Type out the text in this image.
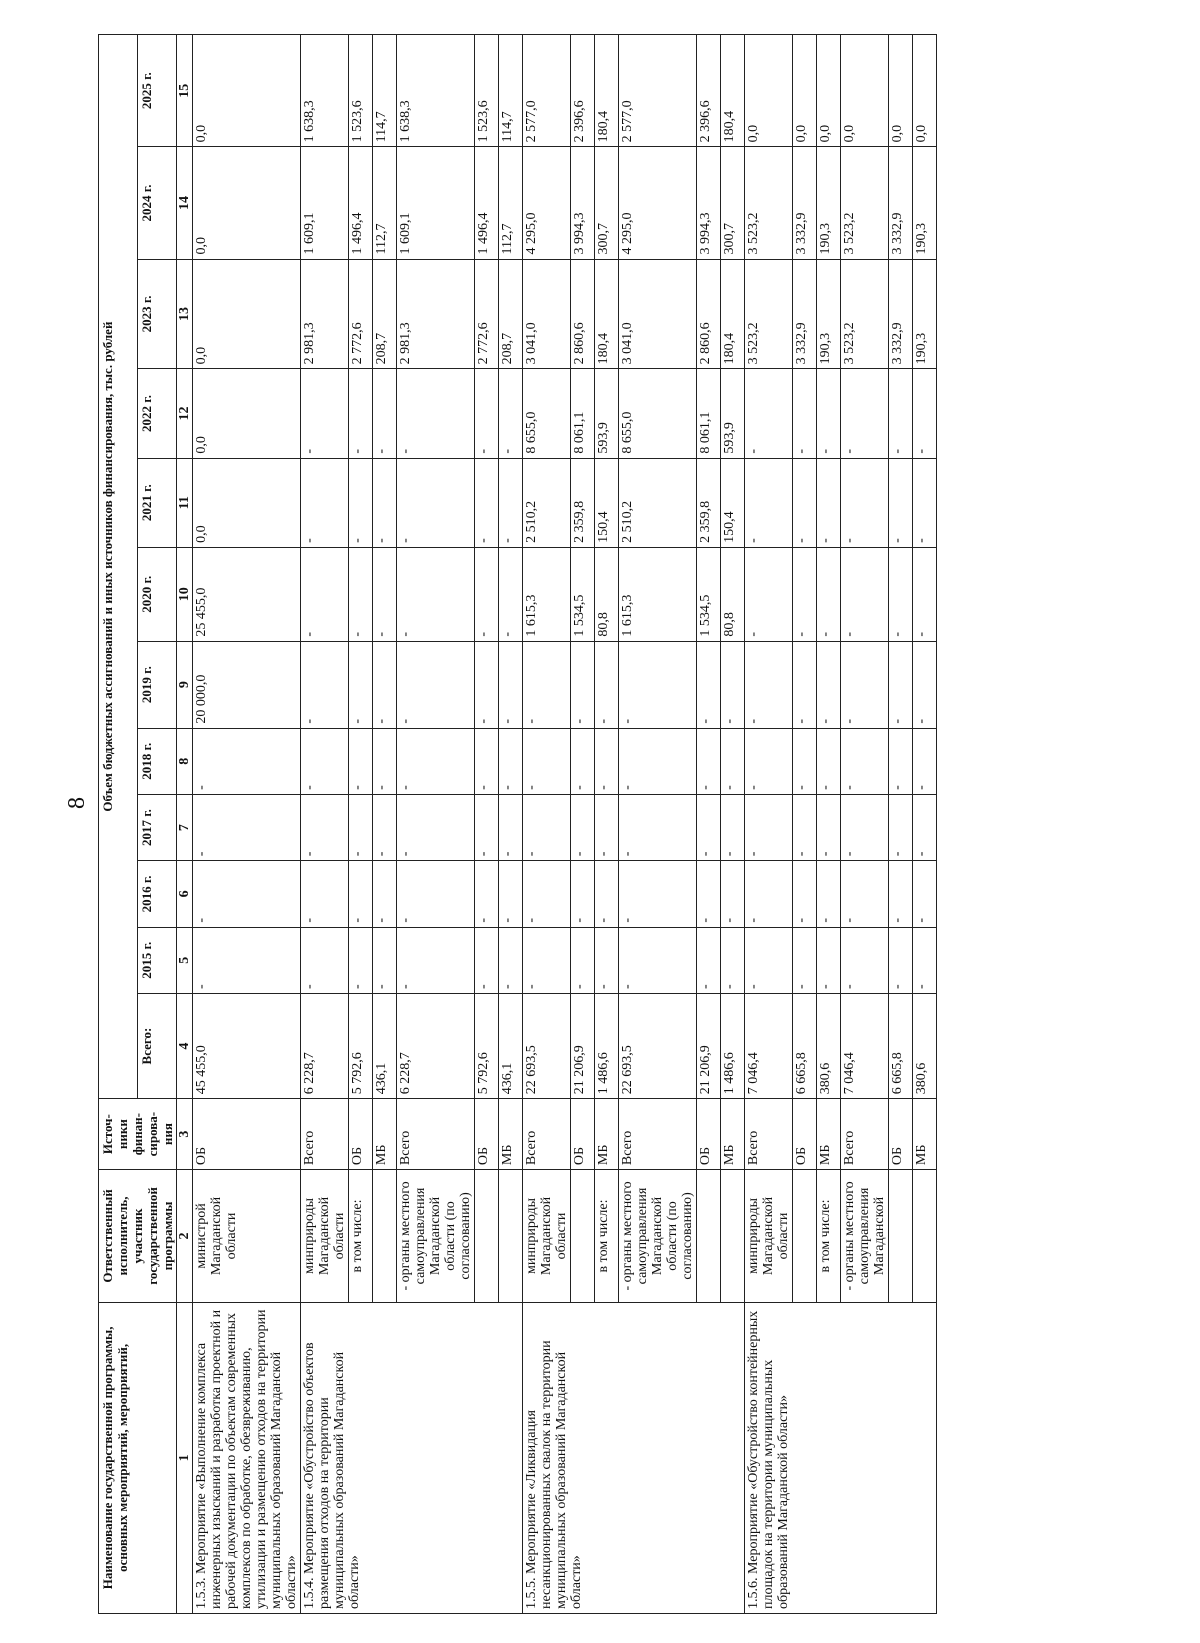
8
Наименование государственной программы, основных мероприятий, мероприятий,	Ответственный исполнитель, участник государственной программы	Источ-ники финан-сирова-ния	Объем бюджетных ассигнований и иных источников финансирования, тыс. рублей											
			Всего:	2015 г.	2016 г.	2017 г.	2018 г.	2019 г.	2020 г.	2021 г.	2022 г.	2023 г.	2024 г.	2025 г.
1	2	3	4	5	6	7	8	9	10	11	12	13	14	15
1.5.3. Мероприятие «Выполнение комплекса инженерных изысканий и разработка проектной и рабочей документации по объектам современных комплексов по обработке, обезвреживанию, утилизации и размещению отходов на территории муниципальных образований Магаданской области»	министрой Магаданской области	ОБ	45 455,0	-	-	-	-	20 000,0	25 455,0	0,0	0,0	0,0	0,0	0,0
1.5.4. Мероприятие «Обустройство объектов размещения отходов на территории муниципальных образований Магаданской области»	минприроды Магаданской области	Всего	6 228,7	-	-	-	-	-	-	-	-	2 981,3	1 609,1	1 638,3
	в том числе:	ОБ	5 792,6	-	-	-	-	-	-	-	-	2 772,6	1 496,4	1 523,6
		МБ	436,1	-	-	-	-	-	-	-	-	208,7	112,7	114,7
	- органы местного самоуправления Магаданской области (по согласованию)	Всего	6 228,7	-	-	-	-	-	-	-	-	2 981,3	1 609,1	1 638,3
		ОБ	5 792,6	-	-	-	-	-	-	-	-	2 772,6	1 496,4	1 523,6
		МБ	436,1	-	-	-	-	-	-	-	-	208,7	112,7	114,7
1.5.5. Мероприятие «Ликвидация несанкционированных свалок на территории муниципальных образований Магаданской области»	минприроды Магаданской области	Всего	22 693,5	-	-	-	-	-	1 615,3	2 510,2	8 655,0	3 041,0	4 295,0	2 577,0
		ОБ	21 206,9	-	-	-	-	-	1 534,5	2 359,8	8 061,1	2 860,6	3 994,3	2 396,6
	в том числе:	МБ	1 486,6	-	-	-	-	-	80,8	150,4	593,9	180,4	300,7	180,4
	- органы местного самоуправления Магаданской области (по согласованию)	Всего	22 693,5	-	-	-	-	-	1 615,3	2 510,2	8 655,0	3 041,0	4 295,0	2 577,0
		ОБ	21 206,9	-	-	-	-	-	1 534,5	2 359,8	8 061,1	2 860,6	3 994,3	2 396,6
		МБ	1 486,6	-	-	-	-	-	80,8	150,4	593,9	180,4	300,7	180,4
1.5.6. Мероприятие «Обустройство контейнерных площадок на территории муниципальных образований Магаданской области»	минприроды Магаданской области	Всего	7 046,4	-	-	-	-	-	-	-	-	3 523,2	3 523,2	0,0
		ОБ	6 665,8	-	-	-	-	-	-	-	-	3 332,9	3 332,9	0,0
	в том числе:	МБ	380,6	-	-	-	-	-	-	-	-	190,3	190,3	0,0
	- органы местного самоуправления Магаданской	Всего	7 046,4	-	-	-	-	-	-	-	-	3 523,2	3 523,2	0,0
		ОБ	6 665,8	-	-	-	-	-	-	-	-	3 332,9	3 332,9	0,0
		МБ	380,6	-	-	-	-	-	-	-	-	190,3	190,3	0,0
